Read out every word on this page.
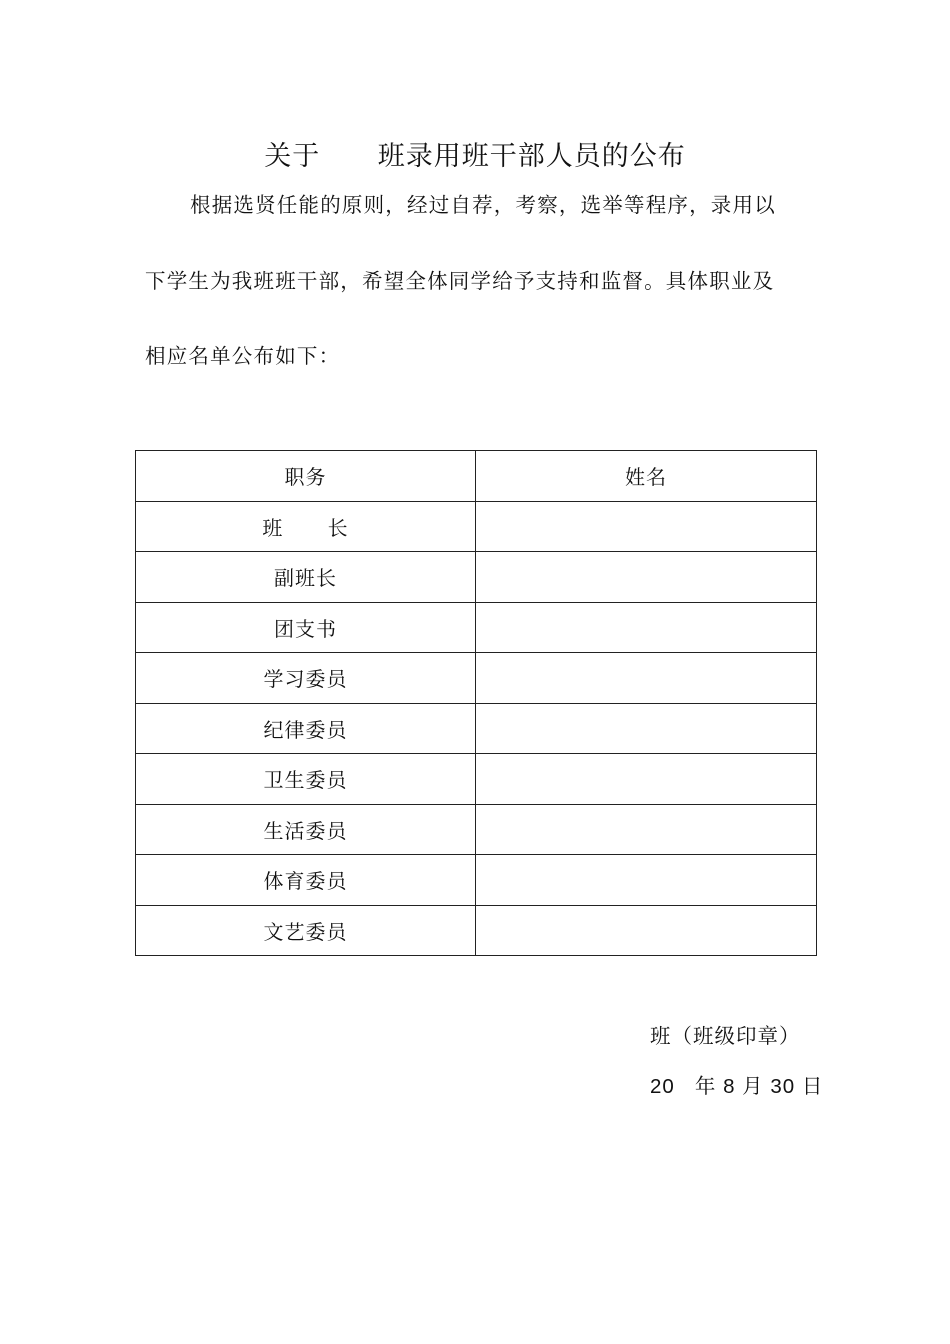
关于      班录用班干部人员的公布
根据选贤任能的原则，经过自荐，考察，选举等程序，录用以
下学生为我班班干部，希望全体同学给予支持和监督。具体职业及
相应名单公布如下：
职务	姓名
班      长	
副班长	
团支书	
学习委员	
纪律委员	
卫生委员	
生活委员	
体育委员	
文艺委员	
班（班级印章）
20   年 8 月 30 日
